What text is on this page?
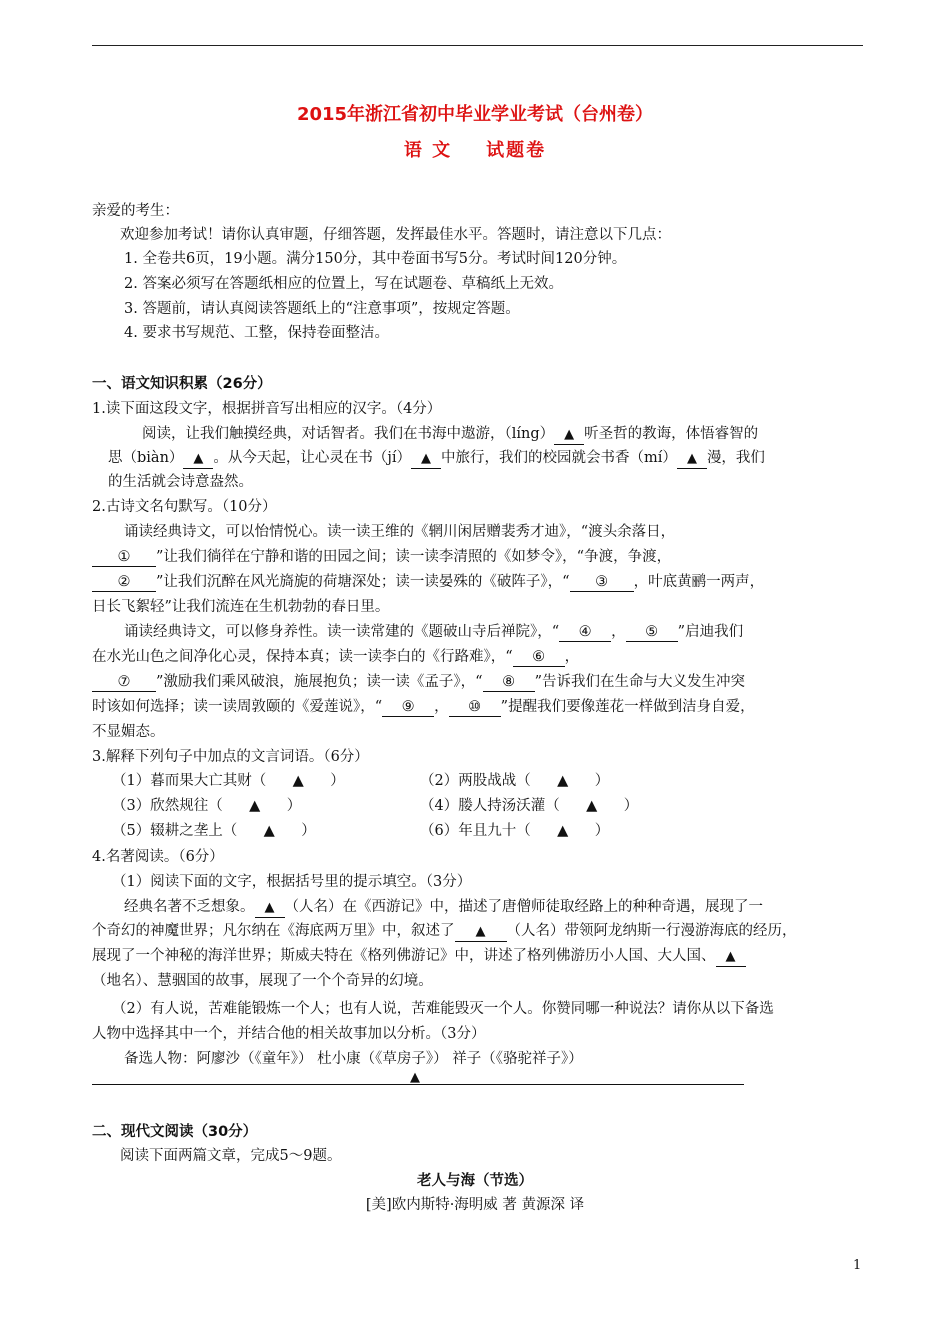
2015年浙江省初中毕业学业考试（台州卷）
语 文 试题卷
亲爱的考生：
欢迎参加考试！请你认真审题，仔细答题，发挥最佳水平。答题时，请注意以下几点：
1. 全卷共6页，19小题。满分150分，其中卷面书写5分。考试时间120分钟。
2. 答案必须写在答题纸相应的位置上，写在试题卷、草稿纸上无效。
3. 答题前，请认真阅读答题纸上的“注意事项”，按规定答题。
4. 要求书写规范、工整，保持卷面整洁。
一、语文知识积累（26分）
1.读下面这段文字，根据拼音写出相应的汉字。（4分）
阅读，让我们触摸经典，对话智者。我们在书海中遨游，（líng） ▲ 听圣哲的教诲，体悟睿智的
思（biàn） ▲ 。从今天起，让心灵在书（jí） ▲ 中旅行，我们的校园就会书香（mí） ▲ 漫，我们
的生活就会诗意盎然。
2.古诗文名句默写。（10分）
诵读经典诗文，可以怡情悦心。读一读王维的《辋川闲居赠裴秀才迪》，“渡头余落日，
① ”让我们徜徉在宁静和谐的田园之间；读一读李清照的《如梦令》，“争渡，争渡，
② ”让我们沉醉在风光旖旎的荷塘深处；读一读晏殊的《破阵子》，“ ③ ，叶底黄鹂一两声，
日长飞絮轻”让我们流连在生机勃勃的春日里。
诵读经典诗文，可以修身养性。读一读常建的《题破山寺后禅院》，“ ④ ， ⑤ ”启迪我们
在水光山色之间净化心灵，保持本真；读一读李白的《行路难》，“ ⑥ ，
⑦ ”激励我们乘风破浪，施展抱负；读一读《孟子》，“ ⑧ ”告诉我们在生命与大义发生冲突
时该如何选择；读一读周敦颐的《爱莲说》，“ ⑨ ， ⑩ ”提醒我们要像莲花一样做到洁身自爱，
不显媚态。
3.解释下列句子中加点的文言词语。（6分）
（1）暮而果大亡其财（ ▲ ）	（2）两股战战（ ▲ ）
（3）欣然规往（ ▲ ）	（4）媵人持汤沃灌（ ▲ ）
（5）辍耕之垄上（ ▲ ）	（6）年且九十（ ▲ ）
4.名著阅读。（6分）
（1）阅读下面的文字，根据括号里的提示填空。（3分）
经典名著不乏想象。 ▲ （人名）在《西游记》中，描述了唐僧师徒取经路上的种种奇遇，展现了一
个奇幻的神魔世界；凡尔纳在《海底两万里》中，叙述了 ▲ （人名）带领阿龙纳斯一行漫游海底的经历，
展现了一个神秘的海洋世界；斯威夫特在《格列佛游记》中，讲述了格列佛游历小人国、大人国、 ▲
（地名）、慧骃国的故事，展现了一个个奇异的幻境。
（2）有人说，苦难能锻炼一个人；也有人说，苦难能毁灭一个人。你赞同哪一种说法？请你从以下备选
人物中选择其中一个，并结合他的相关故事加以分析。（3分）
备选人物：阿廖沙（《童年》） 杜小康（《草房子》） 祥子（《骆驼祥子》）
▲
二、现代文阅读（30分）
阅读下面两篇文章，完成5～9题。
老人与海（节选）
[美]欧内斯特·海明威 著 黄源深 译
1
